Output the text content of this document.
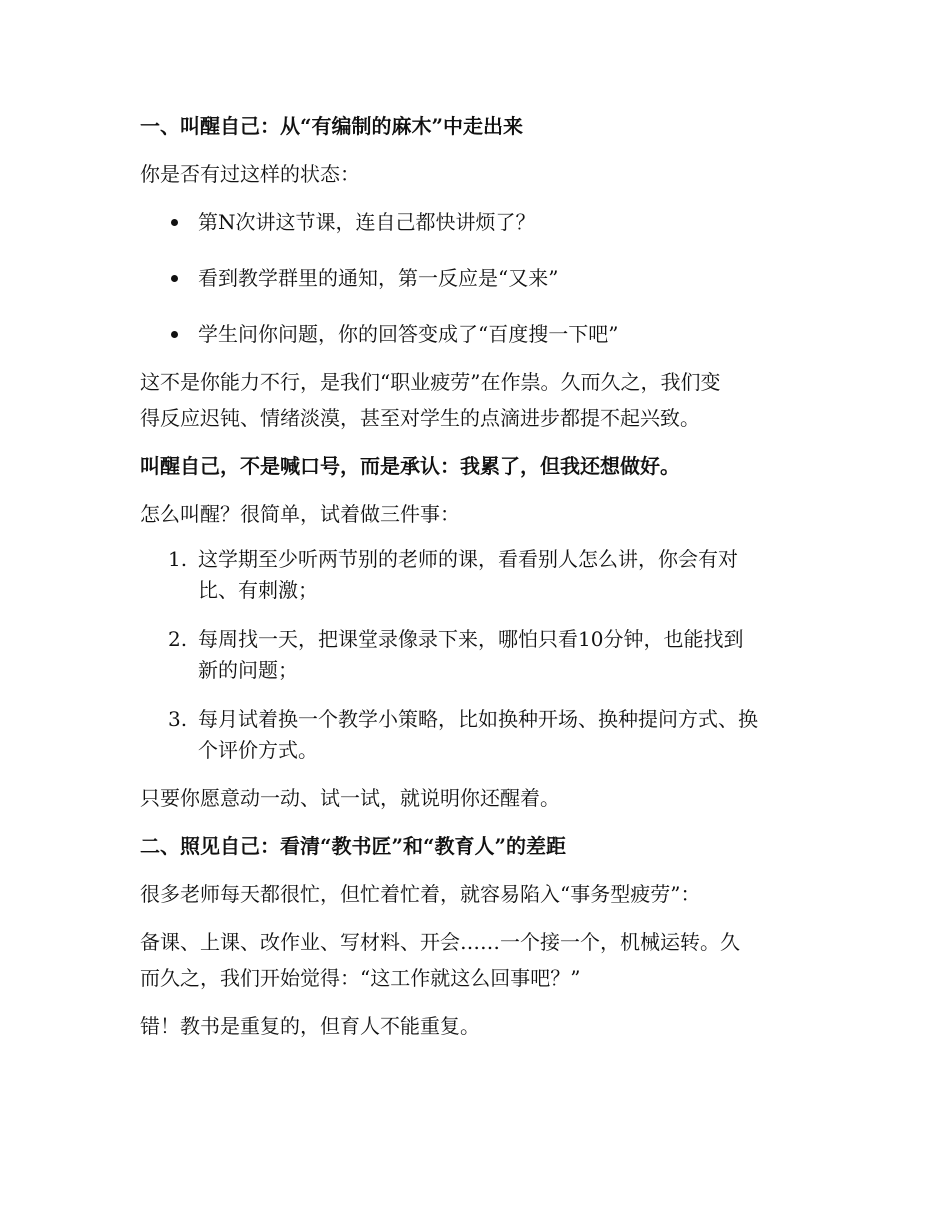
一、叫醒自己：从“有编制的麻木”中走出来
你是否有过这样的状态：
第N次讲这节课，连自己都快讲烦了？
看到教学群里的通知，第一反应是“又来”
学生问你问题，你的回答变成了“百度搜一下吧”
这不是你能力不行，是我们“职业疲劳”在作祟。久而久之，我们变
得反应迟钝、情绪淡漠，甚至对学生的点滴进步都提不起兴致。
叫醒自己，不是喊口号，而是承认：我累了，但我还想做好。
怎么叫醒？很简单，试着做三件事：
1. 这学期至少听两节别的老师的课，看看别人怎么讲，你会有对
比、有刺激；
2. 每周找一天，把课堂录像录下来，哪怕只看10分钟，也能找到
新的问题；
3. 每月试着换一个教学小策略，比如换种开场、换种提问方式、换
个评价方式。
只要你愿意动一动、试一试，就说明你还醒着。
二、照见自己：看清“教书匠”和“教育人”的差距
很多老师每天都很忙，但忙着忙着，就容易陷入“事务型疲劳”：
备课、上课、改作业、写材料、开会……一个接一个，机械运转。久
而久之，我们开始觉得：“这工作就这么回事吧？”
错！教书是重复的，但育人不能重复。
